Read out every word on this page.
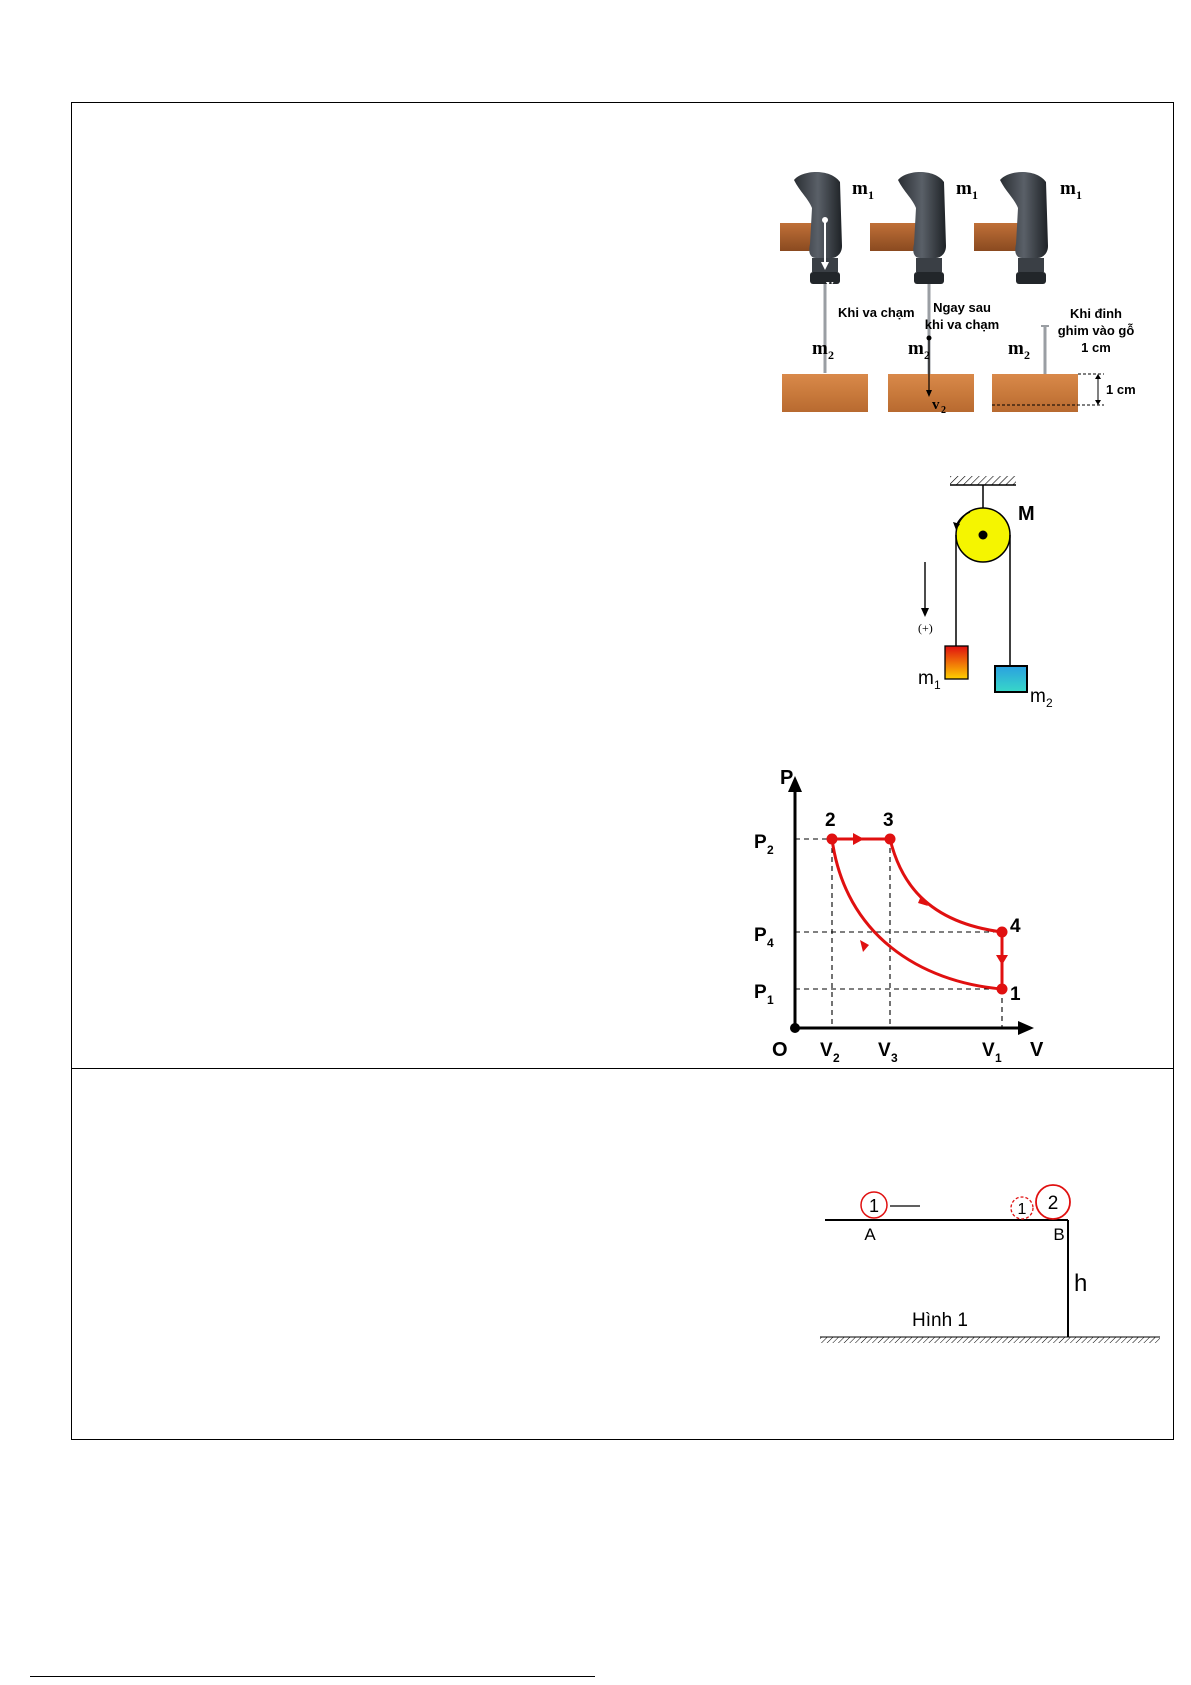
v 01
m 1
Khi va chạm
m 2
v 2
m 1
Ngay sau
khi va chạm
m 2
1 cm
m 1
Khi đinh
ghim vào gỗ
1 cm
m 2
(+)
M
m 1
m 2
P
V
O
P 2
P 4
P 1
V 2 V 3	V 1
2 3
4
1
1	1 2
A	B
h
Hình 1
